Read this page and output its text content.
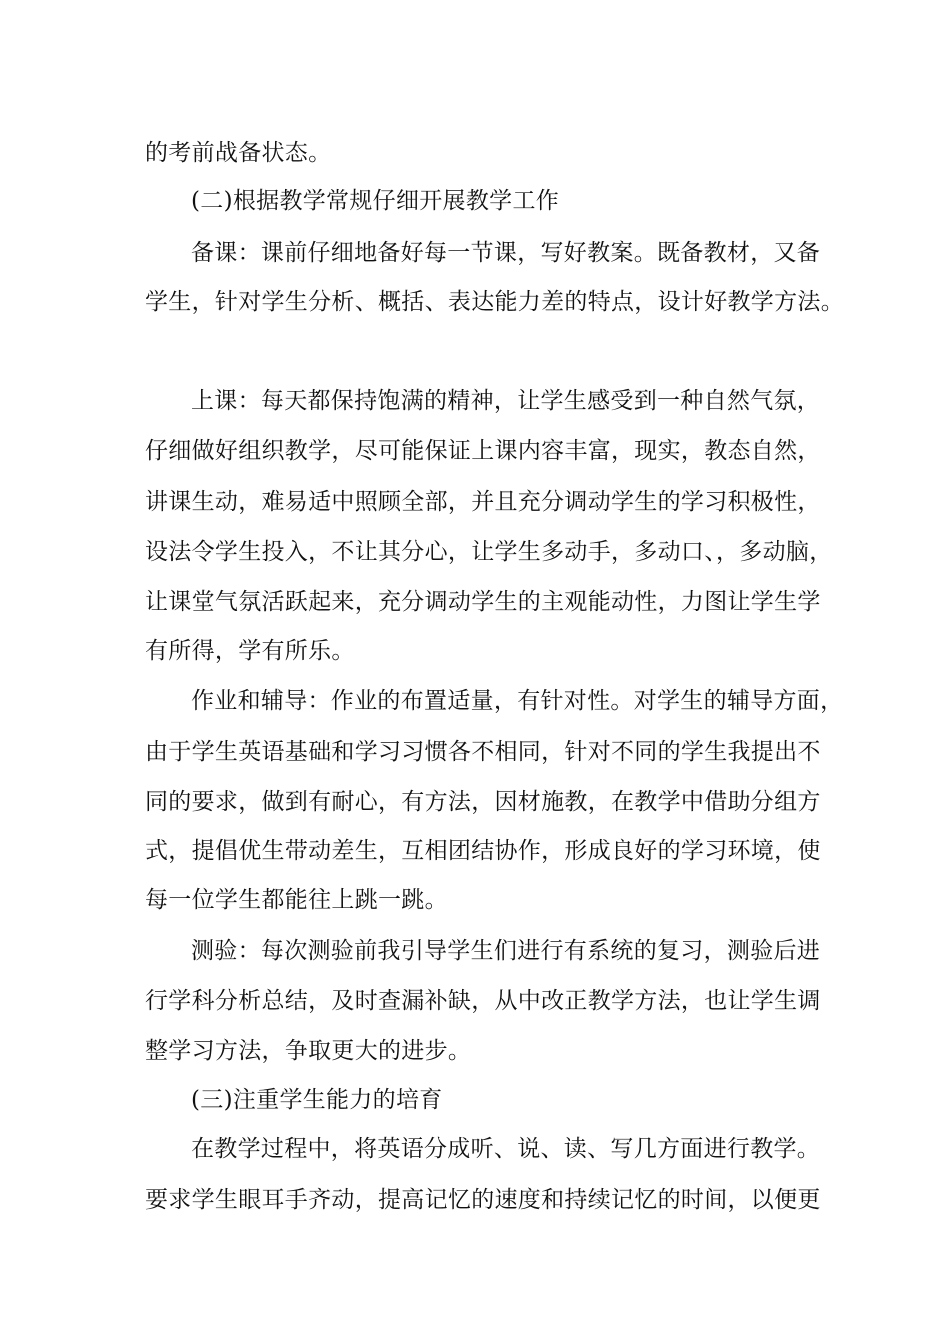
的考前战备状态。
(二)根据教学常规仔细开展教学工作
备课：课前仔细地备好每一节课，写好教案。既备教材，又备
学生，针对学生分析、概括、表达能力差的特点，设计好教学方法。
上课：每天都保持饱满的精神，让学生感受到一种自然气氛，
仔细做好组织教学，尽可能保证上课内容丰富，现实，教态自然，
讲课生动，难易适中照顾全部，并且充分调动学生的学习积极性，
设法令学生投入，不让其分心，让学生多动手，多动口、，多动脑，
让课堂气氛活跃起来，充分调动学生的主观能动性，力图让学生学
有所得，学有所乐。
作业和辅导：作业的布置适量，有针对性。对学生的辅导方面，
由于学生英语基础和学习习惯各不相同，针对不同的学生我提出不
同的要求，做到有耐心，有方法，因材施教，在教学中借助分组方
式，提倡优生带动差生，互相团结协作，形成良好的学习环境，使
每一位学生都能往上跳一跳。
测验：每次测验前我引导学生们进行有系统的复习，测验后进
行学科分析总结，及时查漏补缺，从中改正教学方法，也让学生调
整学习方法，争取更大的进步。
(三)注重学生能力的培育
在教学过程中，将英语分成听、说、读、写几方面进行教学。
要求学生眼耳手齐动，提高记忆的速度和持续记忆的时间，以便更
